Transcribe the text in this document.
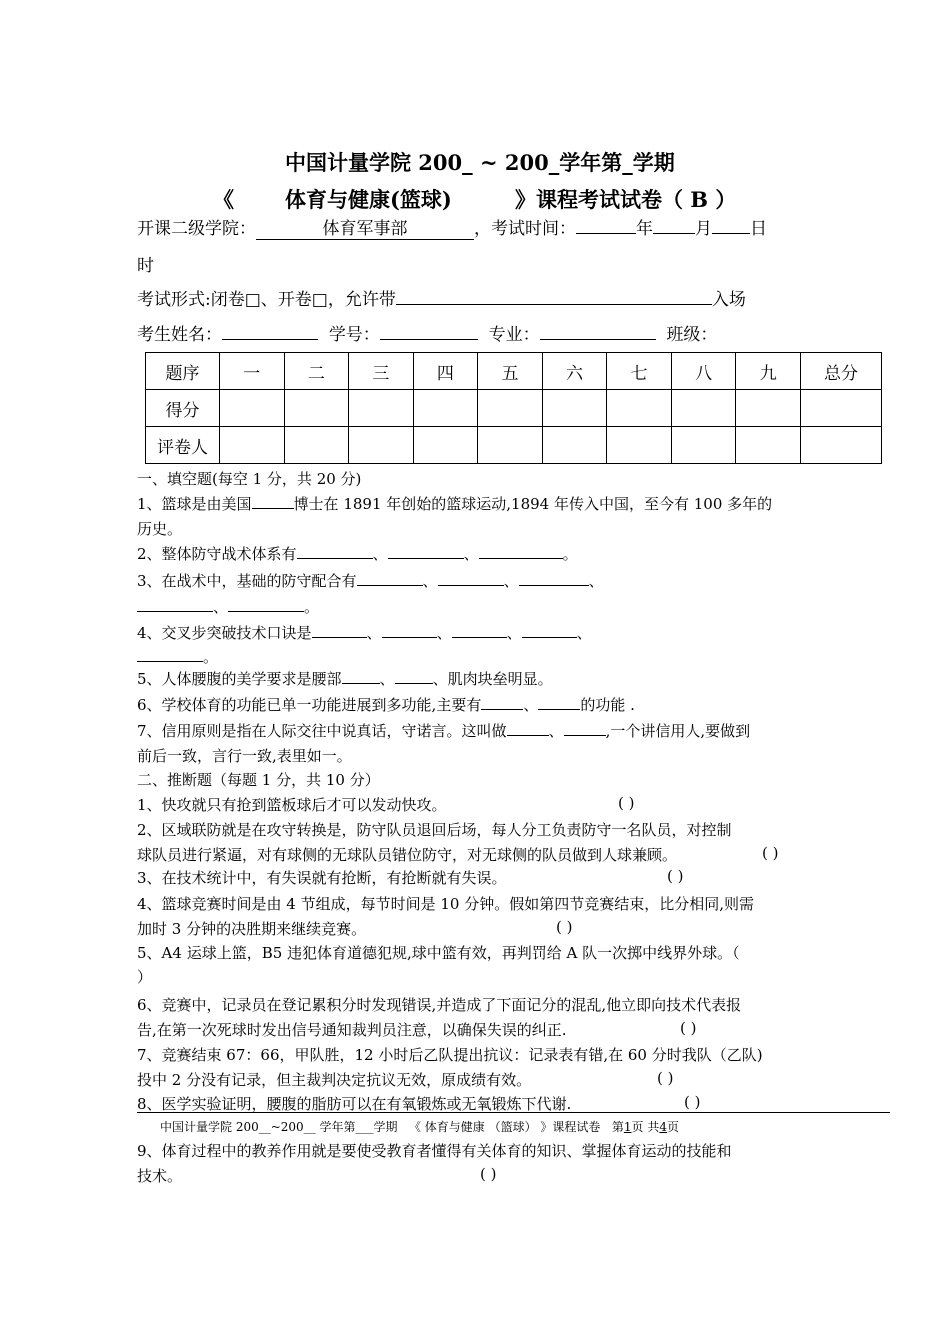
中国计量学院 200_ ~ 200_学年第_学期
《 体育与健康(篮球)	》课程考试试卷（ B ）
开课二级学院：	体育军事部	，考试时间：	年 月 日
时
考试形式:闭卷□、开卷□，允许带	入场
考生姓名：	学号：	专业：	班级：
题序	一	二	三	四	五	六	七	八	九	总分
得分										
评卷人										
一、填空题(每空 1 分，共 20 分)
1、篮球是由美国	博士在 1891 年创始的篮球运动,1894 年传入中国，至今有 100 多年的
历史。
2、整体防守战术体系有	、	、	。
3、在战术中，基础的防守配合有	、	、	、
、	。
4、交叉步突破技术口诀是	、	、	、	、
。
5、人体腰腹的美学要求是腰部	、	、肌肉块垒明显。
6、学校体育的功能已单一功能进展到多功能,主要有	、	的功能 .
7、信用原则是指在人际交往中说真话，守诺言。这叫做	、	,一个讲信用人,要做到
前后一致，言行一致,表里如一。
二、推断题（每题 1 分，共 10 分）
1、快攻就只有抢到篮板球后才可以发动快攻。	( )
2、区域联防就是在攻守转换是，防守队员退回后场，每人分工负责防守一名队员，对控制
球队员进行紧逼，对有球侧的无球队员错位防守，对无球侧的队员做到人球兼顾。	( )
3、在技术统计中，有失误就有抢断，有抢断就有失误。	( )
4、篮球竞赛时间是由 4 节组成，每节时间是 10 分钟。假如第四节竞赛结束，比分相同,则需
加时 3 分钟的决胜期来继续竞赛。	( )
5、A4 运球上篮，B5 违犯体育道德犯规,球中篮有效，再判罚给 A 队一次掷中线界外球。（
）
6、竞赛中，记录员在登记累积分时发现错误,并造成了下面记分的混乱,他立即向技术代表报
告,在第一次死球时发出信号通知裁判员注意，以确保失误的纠正.	( )
7、竞赛结束 67：66，甲队胜，12 小时后乙队提出抗议：记录表有错,在 60 分时我队（乙队)
投中 2 分没有记录，但主裁判决定抗议无效，原成绩有效。	( )
8、医学实验证明，腰腹的脂肪可以在有氧锻炼或无氧锻炼下代谢.	( )
中国计量学院 200__~200__ 学年第___学期 《 体育与健康 （篮球） 》课程试卷 第1页 共4页
9、体育过程中的教养作用就是要使受教育者懂得有关体育的知识、掌握体育运动的技能和
技术。	( )
